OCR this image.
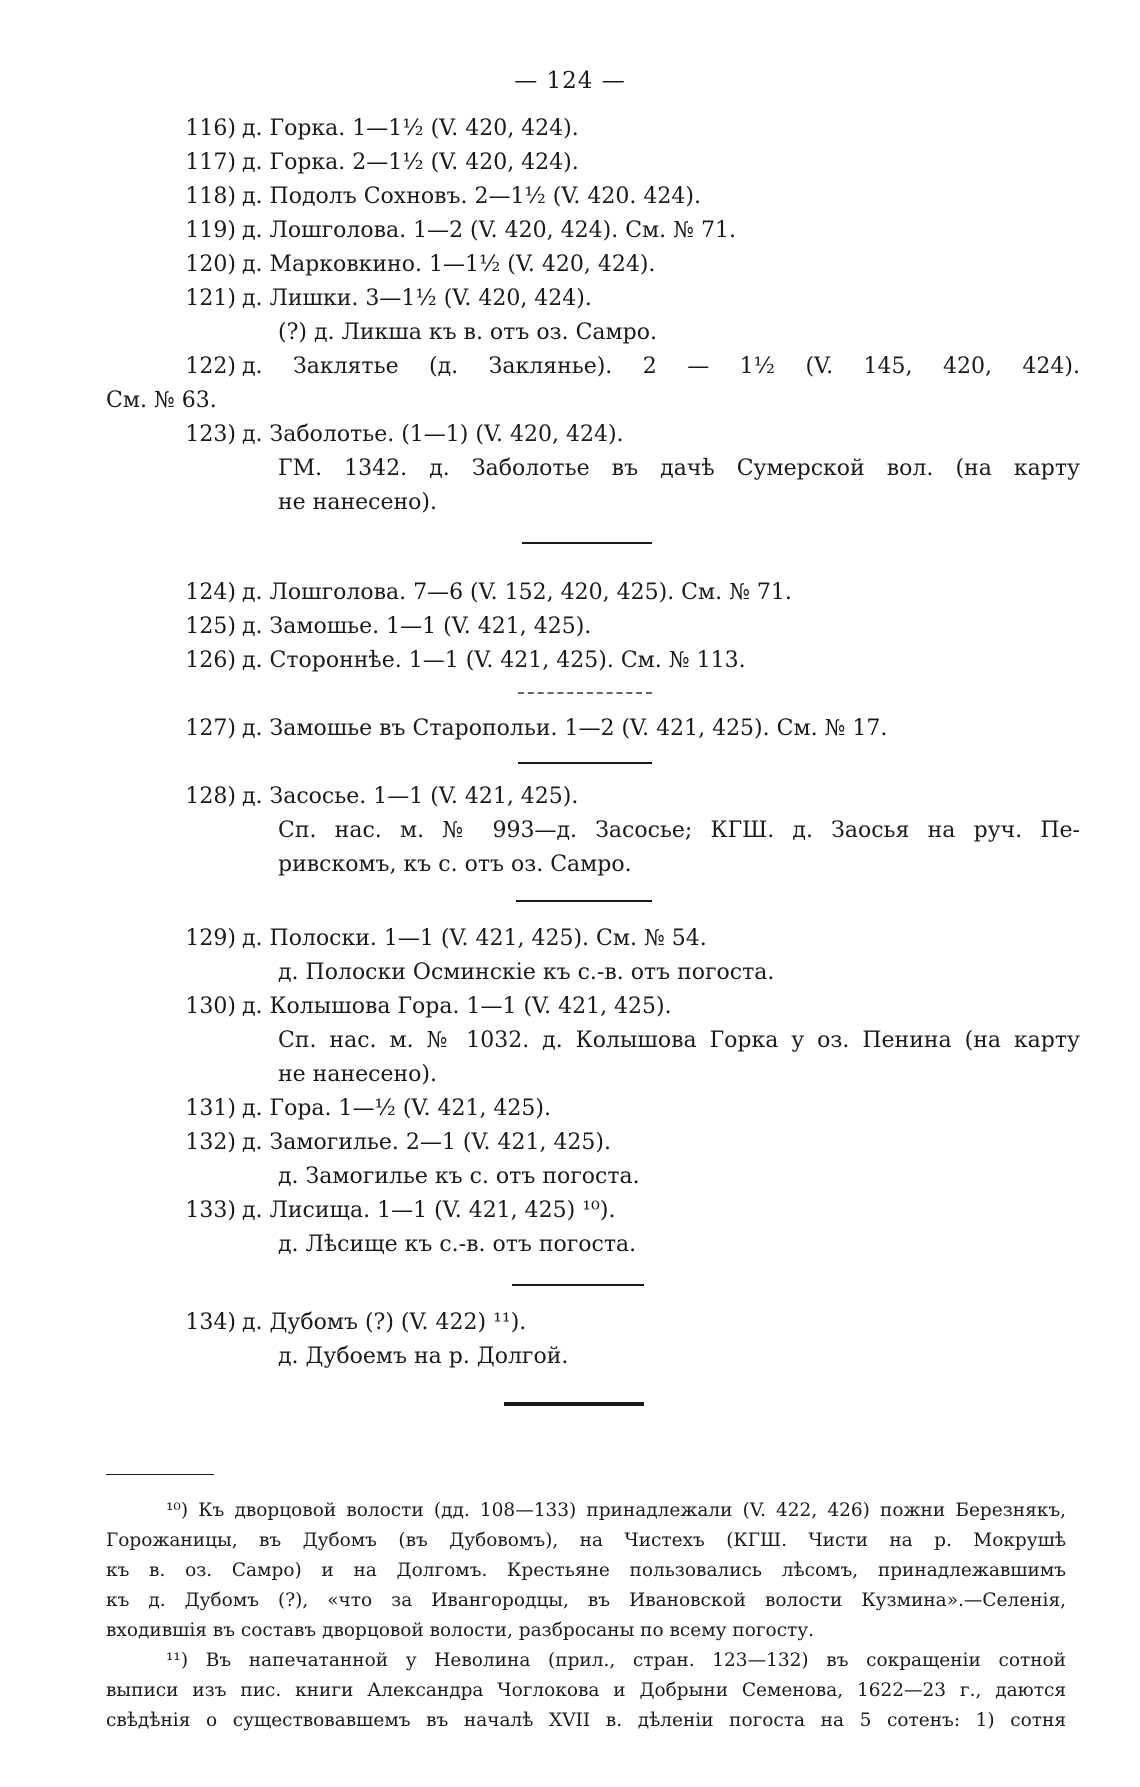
— 124 —
116) д. Горка. 1—1½ (V. 420, 424).
117) д. Горка. 2—1½ (V. 420, 424).
118) д. Подолъ Сохновъ. 2—1½ (V. 420. 424).
119) д. Лошголова. 1—2 (V. 420, 424). См. № 71.
120) д. Марковкино. 1—1½ (V. 420, 424).
121) д. Лишки. 3—1½ (V. 420, 424).
(?) д. Ликша къ в. отъ оз. Самро.
122) д. Заклятье (д. Заклянье). 2 — 1½ (V. 145, 420, 424).
См. № 63.
123) д. Заболотье. (1—1) (V. 420, 424).
ГМ. 1342. д. Заболотье въ дачѣ Сумерской вол. (на карту
не нанесено).
124) д. Лошголова. 7—6 (V. 152, 420, 425). См. № 71.
125) д. Замошье. 1—1 (V. 421, 425).
126) д. Стороннѣе. 1—1 (V. 421, 425). См. № 113.
127) д. Замошье въ Старопольи. 1—2 (V. 421, 425). См. № 17.
128) д. Засосье. 1—1 (V. 421, 425).
Сп. нас. м. № 993—д. Засосье; КГШ. д. Заосья на руч. Пе-
ривскомъ, къ с. отъ оз. Самро.
129) д. Полоски. 1—1 (V. 421, 425). См. № 54.
д. Полоски Осминскіе къ с.-в. отъ погоста.
130) д. Колышова Гора. 1—1 (V. 421, 425).
Сп. нас. м. № 1032. д. Колышова Горка у оз. Пенина (на карту
не нанесено).
131) д. Гора. 1—½ (V. 421, 425).
132) д. Замогилье. 2—1 (V. 421, 425).
д. Замогилье къ с. отъ погоста.
133) д. Лисища. 1—1 (V. 421, 425) ¹⁰).
д. Лѣсище къ с.-в. отъ погоста.
134) д. Дубомъ (?) (V. 422) ¹¹).
д. Дубоемъ на р. Долгой.
¹⁰) Къ дворцовой волости (дд. 108—133) принадлежали (V. 422, 426) пожни Березнякъ,
Горожаницы, въ Дубомъ (въ Дубовомъ), на Чистехъ (КГШ. Чисти на р. Мокрушѣ
къ в. оз. Самро) и на Долгомъ. Крестьяне пользовались лѣсомъ, принадлежавшимъ
къ д. Дубомъ (?), «что за Ивангородцы, въ Ивановской волости Кузмина».—Селенія,
входившія въ составъ дворцовой волости, разбросаны по всему погосту.
¹¹) Въ напечатанной у Неволина (прил., стран. 123—132) въ сокращеніи сотной
выписи изъ пис. книги Александра Чоглокова и Добрыни Семенова, 1622—23 г., даются
свѣдѣнія о существовавшемъ въ началѣ XVII в. дѣленіи погоста на 5 сотенъ: 1) сотня
